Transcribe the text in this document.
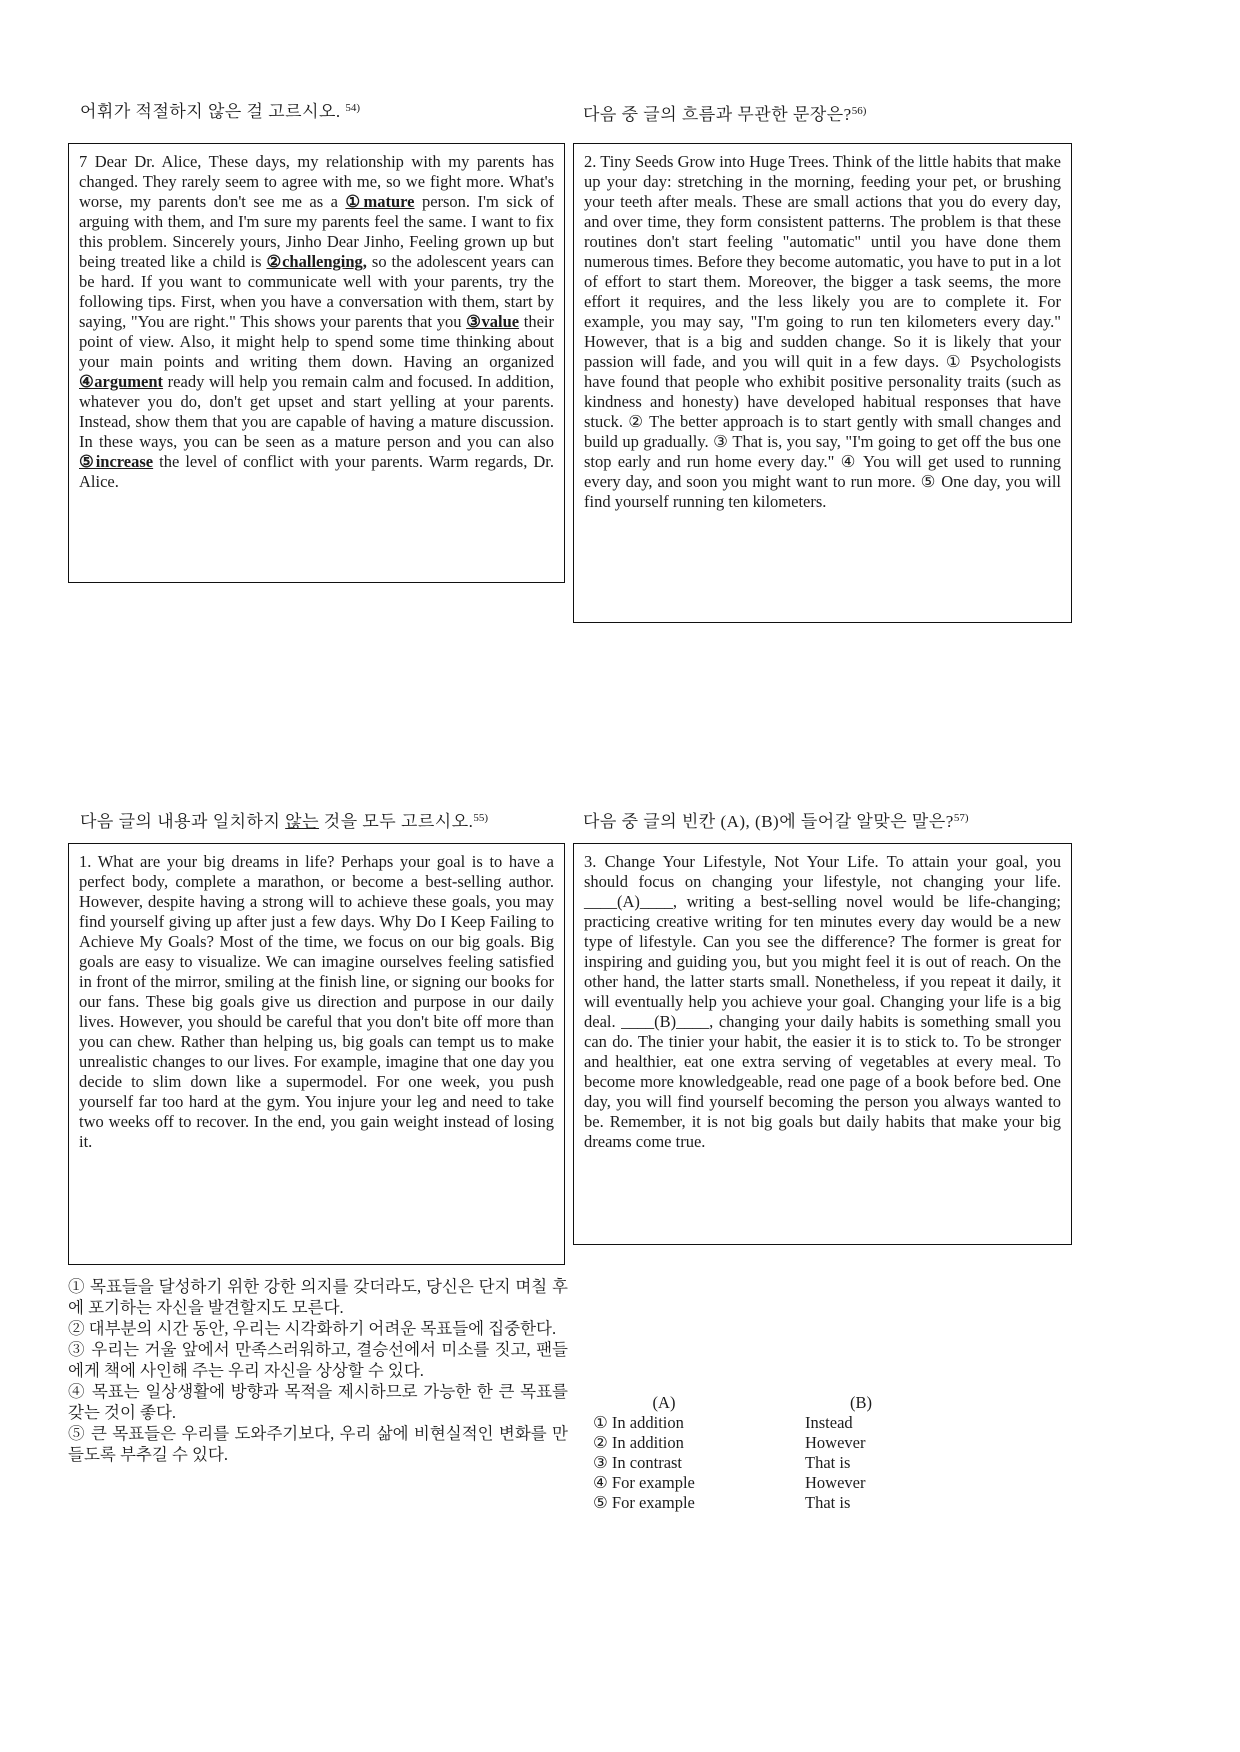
어휘가 적절하지 않은 걸 고르시오. $^{54)}$
7 Dear Dr. Alice, These days, my relationship with my parents has changed. They rarely seem to agree with me, so we fight more. What's worse, my parents don't see me as a ①mature person. I'm sick of arguing with them, and I'm sure my parents feel the same. I want to fix this problem. Sincerely yours, Jinho Dear Jinho, Feeling grown up but being treated like a child is ②challenging, so the adolescent years can be hard. If you want to communicate well with your parents, try the following tips. First, when you have a conversation with them, start by saying, "You are right." This shows your parents that you ③value their point of view. Also, it might help to spend some time thinking about your main points and writing them down. Having an organized ④argument ready will help you remain calm and focused. In addition, whatever you do, don't get upset and start yelling at your parents. Instead, show them that you are capable of having a mature discussion. In these ways, you can be seen as a mature person and you can also ⑤increase the level of conflict with your parents. Warm regards, Dr. Alice.
다음 중 글의 흐름과 무관한 문장은?$^{56)}$
2. Tiny Seeds Grow into Huge Trees. Think of the little habits that make up your day: stretching in the morning, feeding your pet, or brushing your teeth after meals. These are small actions that you do every day, and over time, they form consistent patterns. The problem is that these routines don't start feeling "automatic" until you have done them numerous times. Before they become automatic, you have to put in a lot of effort to start them. Moreover, the bigger a task seems, the more effort it requires, and the less likely you are to complete it. For example, you may say, "I'm going to run ten kilometers every day." However, that is a big and sudden change. So it is likely that your passion will fade, and you will quit in a few days. ① Psychologists have found that people who exhibit positive personality traits (such as kindness and honesty) have developed habitual responses that have stuck. ② The better approach is to start gently with small changes and build up gradually. ③ That is, you say, "I'm going to get off the bus one stop early and run home every day." ④ You will get used to running every day, and soon you might want to run more. ⑤ One day, you will find yourself running ten kilometers.
다음 글의 내용과 일치하지 않는 것을 모두 고르시오.$^{55)}$
1. What are your big dreams in life? Perhaps your goal is to have a perfect body, complete a marathon, or become a best-selling author. However, despite having a strong will to achieve these goals, you may find yourself giving up after just a few days. Why Do I Keep Failing to Achieve My Goals? Most of the time, we focus on our big goals. Big goals are easy to visualize. We can imagine ourselves feeling satisfied in front of the mirror, smiling at the finish line, or signing our books for our fans. These big goals give us direction and purpose in our daily lives. However, you should be careful that you don't bite off more than you can chew. Rather than helping us, big goals can tempt us to make unrealistic changes to our lives. For example, imagine that one day you decide to slim down like a supermodel. For one week, you push yourself far too hard at the gym. You injure your leg and need to take two weeks off to recover. In the end, you gain weight instead of losing it.

① 목표들을 달성하기 위한 강한 의지를 갖더라도, 당신은 단지 며칠 후에 포기하는 자신을 발견할지도 모른다.

② 대부분의 시간 동안, 우리는 시각화하기 어려운 목표들에 집중한다.

③ 우리는 거울 앞에서 만족스러워하고, 결승선에서 미소를 짓고, 팬들에게 책에 사인해 주는 우리 자신을 상상할 수 있다.

④ 목표는 일상생활에 방향과 목적을 제시하므로 가능한 한 큰 목표를 갖는 것이 좋다.

⑤ 큰 목표들은 우리를 도와주기보다, 우리 삶에 비현실적인 변화를 만들도록 부추길 수 있다.

다음 중 글의 빈칸 (A), (B)에 들어갈 알맞은 말은?$^{57)}$
3. Change Your Lifestyle, Not Your Life. To attain your goal, you should focus on changing your lifestyle, not changing your life. ____(A)____, writing a best-selling novel would be life-changing; practicing creative writing for ten minutes every day would be a new type of lifestyle. Can you see the difference? The former is great for inspiring and guiding you, but you might feel it is out of reach. On the other hand, the latter starts small. Nonetheless, if you repeat it daily, it will eventually help you achieve your goal. Changing your life is a big deal. ____(B)____, changing your daily habits is something small you can do. The tinier your habit, the easier it is to stick to. To be stronger and healthier, eat one extra serving of vegetables at every meal. To become more knowledgeable, read one page of a book before bed. One day, you will find yourself becoming the person you always wanted to be. Remember, it is not big goals but daily habits that make your big dreams come true.
(A)	(B)
① In addition	Instead
② In addition	However
③ In contrast	That is
④ For example	However
⑤ For example	That is
